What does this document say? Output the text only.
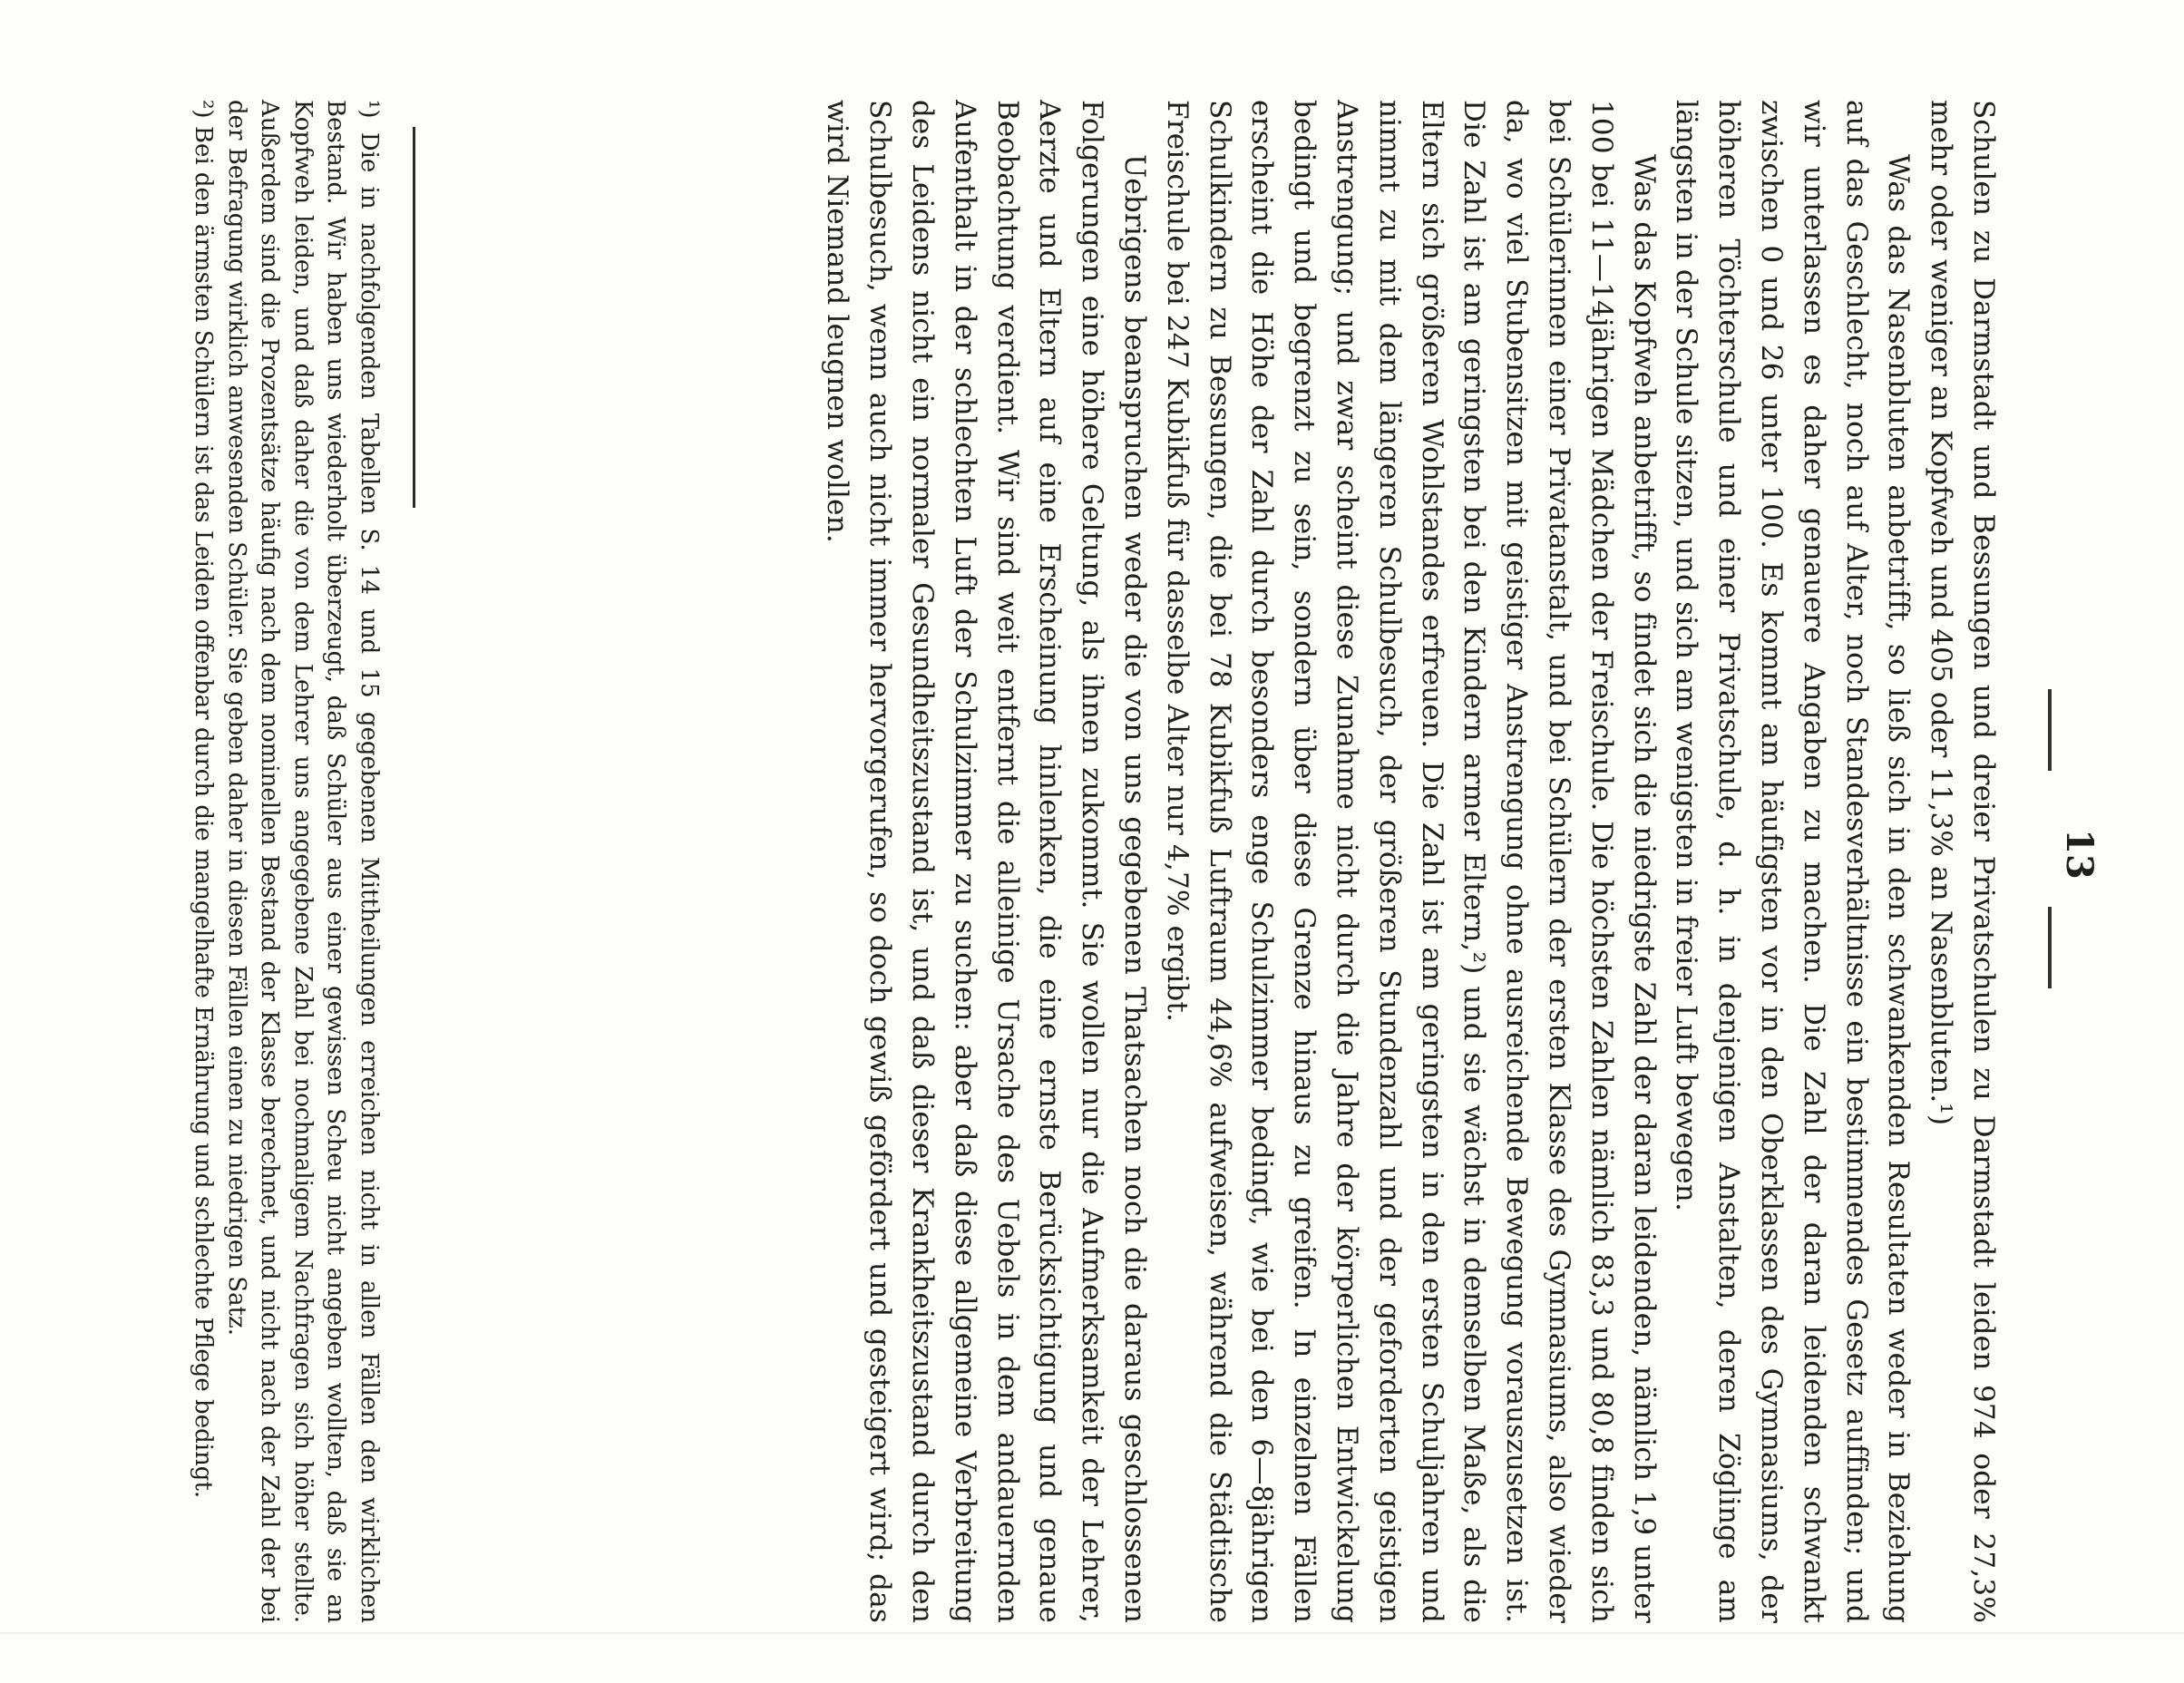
13

Schulen zu Darmstadt und Bessungen und dreier Privatschulen zu Darmstadt leiden 974 oder 27,3% mehr oder weniger an Kopfweh und 405 oder 11,3% an Nasenbluten.¹)

Was das Nasenbluten anbetrifft, so ließ sich in den schwankenden Resultaten weder in Beziehung auf das Geschlecht, noch auf Alter, noch Standesverhältnisse ein bestimmendes Gesetz auffinden; und wir unterlassen es daher genauere Angaben zu machen. Die Zahl der daran leidenden schwankt zwischen 0 und 26 unter 100. Es kommt am häufigsten vor in den Oberklassen des Gymnasiums, der höheren Töchterschule und einer Privatschule, d. h. in denjenigen Anstalten, deren Zöglinge am längsten in der Schule sitzen, und sich am wenigsten in freier Luft bewegen.

Was das Kopfweh anbetrifft, so findet sich die niedrigste Zahl der daran leidenden, nämlich 1,9 unter 100 bei 11—14jährigen Mädchen der Freischule. Die höchsten Zahlen nämlich 83,3 und 80,8 finden sich bei Schülerinnen einer Privatanstalt, und bei Schülern der ersten Klasse des Gymnasiums, also wieder da, wo viel Stubensitzen mit geistiger Anstrengung ohne ausreichende Bewegung vorauszusetzen ist. Die Zahl ist am geringsten bei den Kindern armer Eltern,²) und sie wächst in demselben Maße, als die Eltern sich größeren Wohlstandes erfreuen. Die Zahl ist am geringsten in den ersten Schuljahren und nimmt zu mit dem längeren Schulbesuch, der größeren Stundenzahl und der geforderten geistigen Anstrengung; und zwar scheint diese Zunahme nicht durch die Jahre der körperlichen Entwickelung bedingt und begrenzt zu sein, sondern über diese Grenze hinaus zu greifen. In einzelnen Fällen erscheint die Höhe der Zahl durch besonders enge Schulzimmer bedingt, wie bei den 6—8jährigen Schulkindern zu Bessungen, die bei 78 Kubikfuß Luftraum 44,6% aufweisen, während die Städtische Freischule bei 247 Kubikfuß für dasselbe Alter nur 4,7% ergibt.

Uebrigens beanspruchen weder die von uns gegebenen Thatsachen noch die daraus geschlossenen Folgerungen eine höhere Geltung, als ihnen zukommt. Sie wollen nur die Aufmerksamkeit der Lehrer, Aerzte und Eltern auf eine Erscheinung hinlenken, die eine ernste Berücksichtigung und genaue Beobachtung verdient. Wir sind weit entfernt die alleinige Ursache des Uebels in dem andauernden Aufenthalt in der schlechten Luft der Schulzimmer zu suchen: aber daß diese allgemeine Verbreitung des Leidens nicht ein normaler Gesundheitszustand ist, und daß dieser Krankheitszustand durch den Schulbesuch, wenn auch nicht immer hervorgerufen, so doch gewiß gefördert und gesteigert wird; das wird Niemand leugnen wollen.

¹) Die in nachfolgenden Tabellen S. 14 und 15 gegebenen Mittheilungen erreichen nicht in allen Fällen den wirklichen Bestand. Wir haben uns wiederholt überzeugt, daß Schüler aus einer gewissen Scheu nicht angeben wollten, daß sie an Kopfweh leiden, und daß daher die von dem Lehrer uns angegebene Zahl bei nochmaligem Nachfragen sich höher stellte. Außerdem sind die Prozentsätze häufig nach dem nominellen Bestand der Klasse berechnet, und nicht nach der Zahl der bei der Befragung wirklich anwesenden Schüler. Sie geben daher in diesen Fällen einen zu niedrigen Satz.

²) Bei den ärmsten Schülern ist das Leiden offenbar durch die mangelhafte Ernährung und schlechte Pflege bedingt.
